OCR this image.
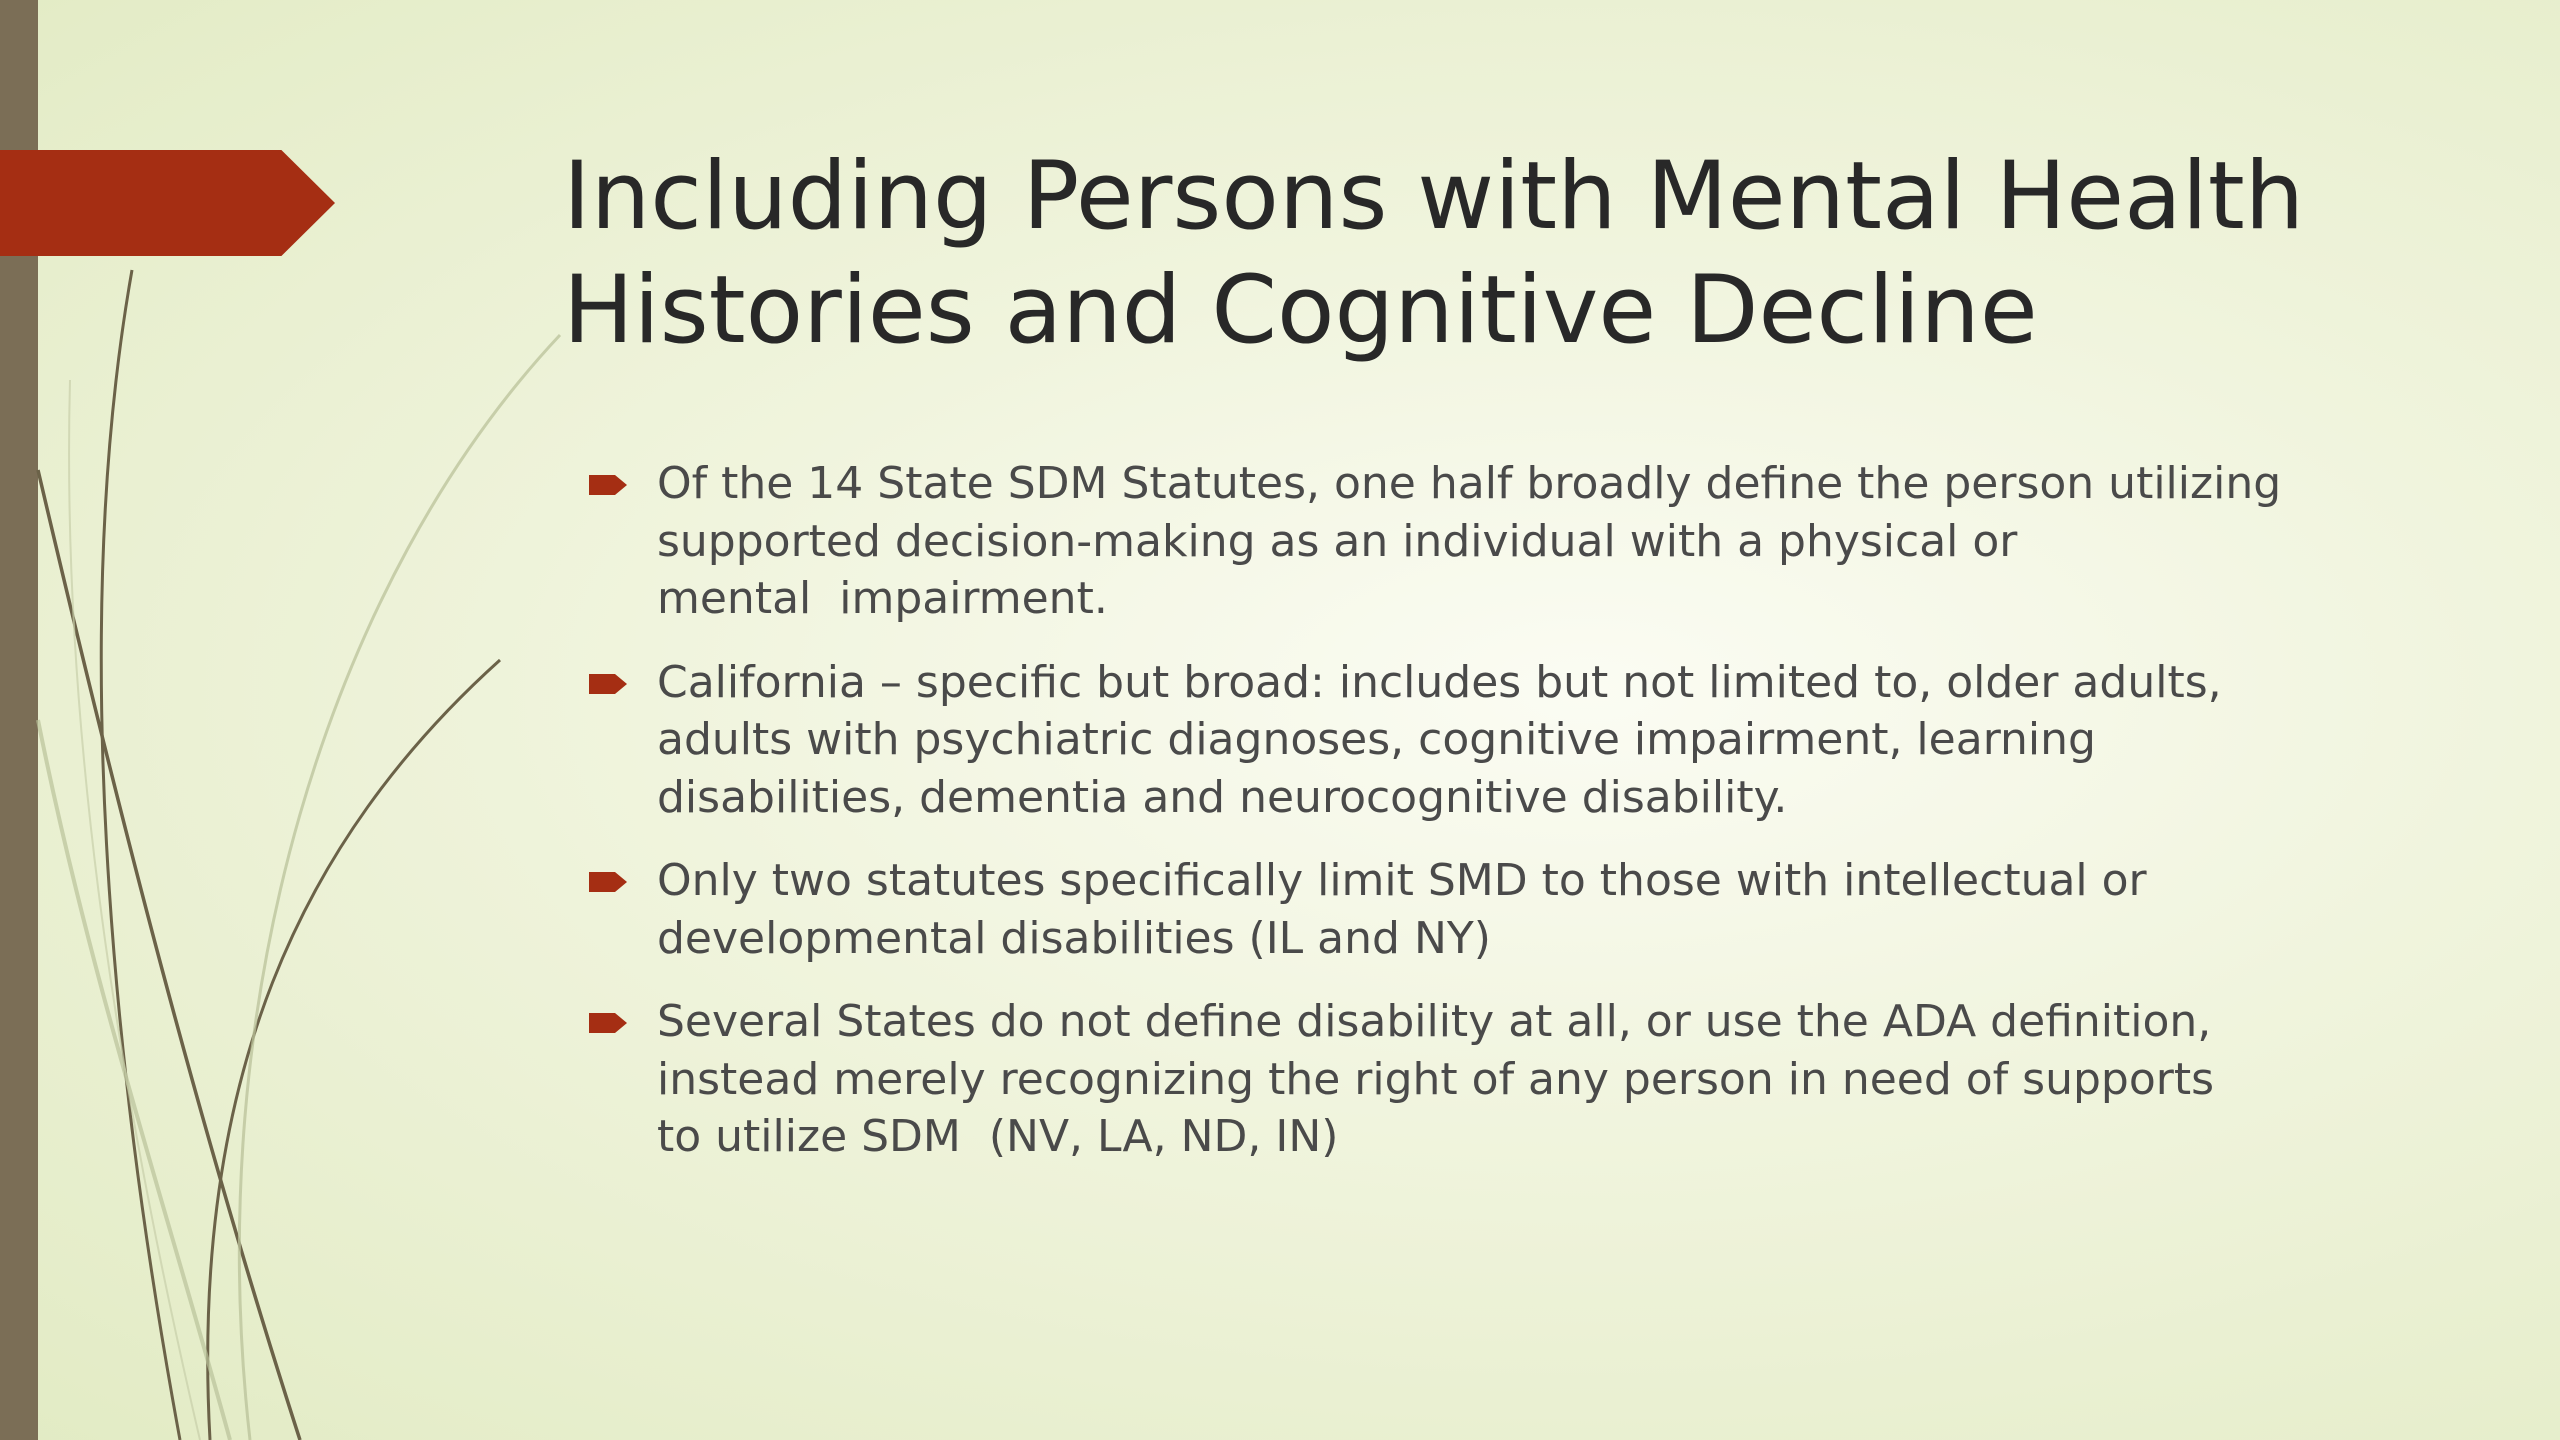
Including Persons with Mental Health
Histories and Cognitive Decline
Of the 14 State SDM Statutes, one half broadly define the person utilizing
supported decision-making as an individual with a physical or
mental  impairment.
California – specific but broad: includes but not limited to, older adults,
adults with psychiatric diagnoses, cognitive impairment, learning
disabilities, dementia and neurocognitive disability.
Only two statutes specifically limit SMD to those with intellectual or
developmental disabilities (IL and NY)
Several States do not define disability at all, or use the ADA definition,
instead merely recognizing the right of any person in need of supports
to utilize SDM  (NV, LA, ND, IN)
